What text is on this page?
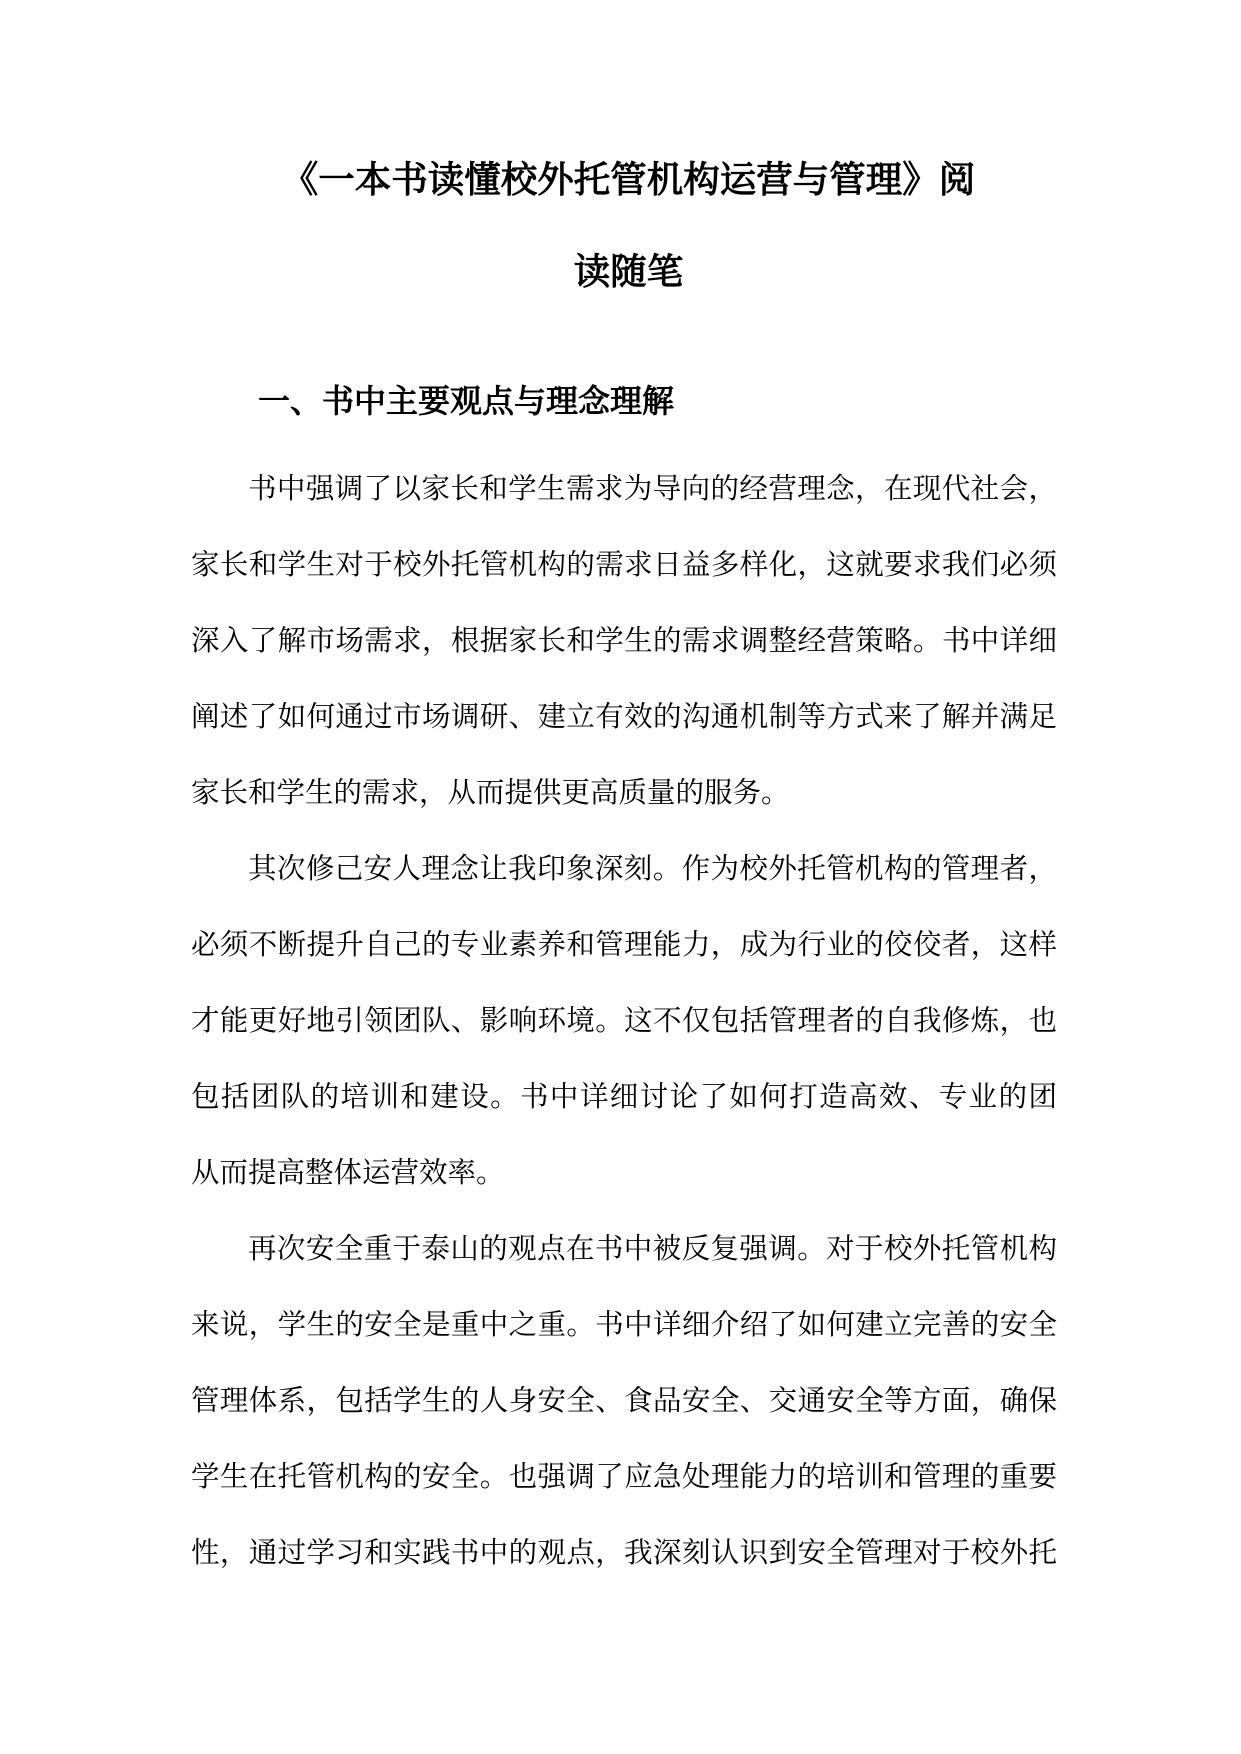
《一本书读懂校外托管机构运营与管理》阅
读随笔
一、书中主要观点与理念理解
书中强调了以家长和学生需求为导向的经营理念，在现代社会，
家长和学生对于校外托管机构的需求日益多样化，这就要求我们必须
深入了解市场需求，根据家长和学生的需求调整经营策略。书中详细
阐述了如何通过市场调研、建立有效的沟通机制等方式来了解并满足
家长和学生的需求，从而提供更高质量的服务。
其次修己安人理念让我印象深刻。作为校外托管机构的管理者，
必须不断提升自己的专业素养和管理能力，成为行业的佼佼者，这样
才能更好地引领团队、影响环境。这不仅包括管理者的自我修炼，也
包括团队的培训和建设。书中详细讨论了如何打造高效、专业的团
从而提高整体运营效率。
再次安全重于泰山的观点在书中被反复强调。对于校外托管机构
来说，学生的安全是重中之重。书中详细介绍了如何建立完善的安全
管理体系，包括学生的人身安全、食品安全、交通安全等方面，确保
学生在托管机构的安全。也强调了应急处理能力的培训和管理的重要
性，通过学习和实践书中的观点，我深刻认识到安全管理对于校外托
